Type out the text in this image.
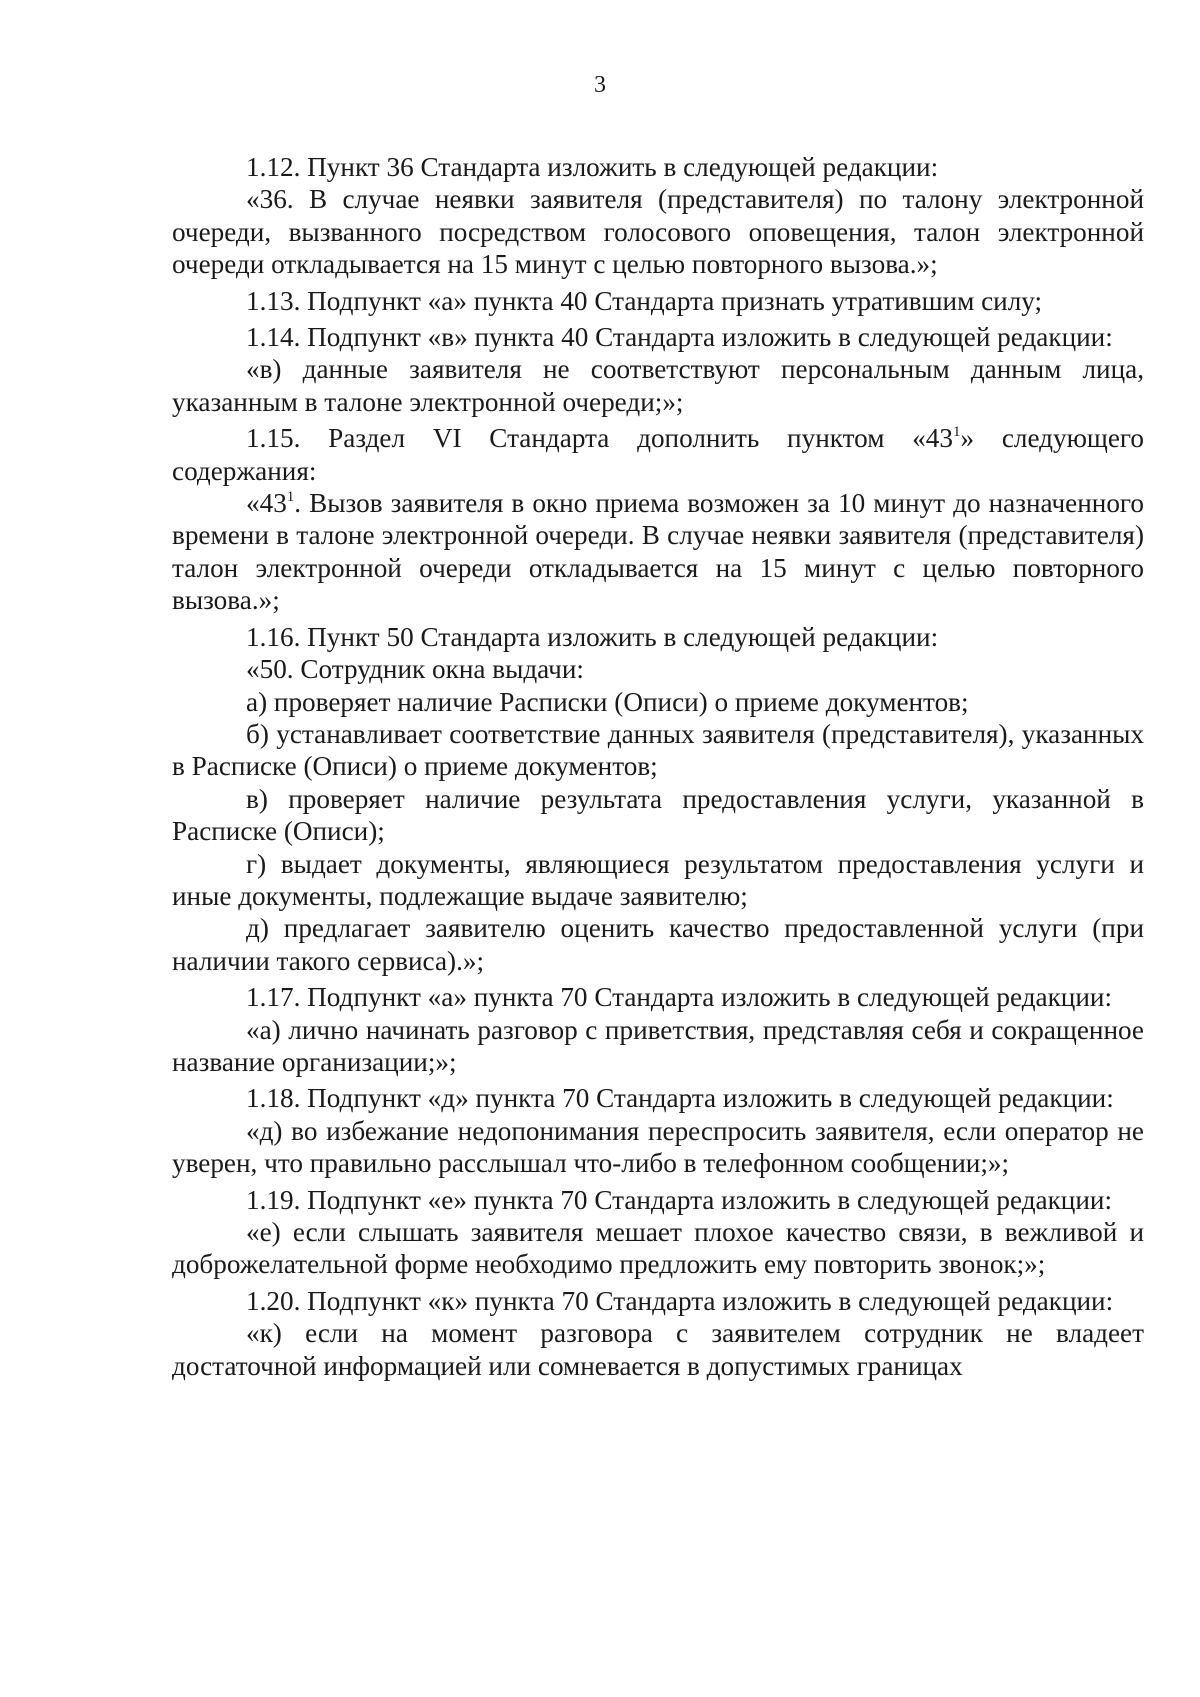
3

1.12. Пункт 36 Стандарта изложить в следующей редакции:

«36. В случае неявки заявителя (представителя) по талону электронной очереди, вызванного посредством голосового оповещения, талон электронной очереди откладывается на 15 минут с целью повторного вызова.»;

1.13. Подпункт «а» пункта 40 Стандарта признать утратившим силу;

1.14. Подпункт «в» пункта 40 Стандарта изложить в следующей редакции:

«в) данные заявителя не соответствуют персональным данным лица, указанным в талоне электронной очереди;»;

1.15. Раздел VI Стандарта дополнить пунктом «$43^1$» следующего содержания:

«$43^1$. Вызов заявителя в окно приема возможен за 10 минут до назначенного времени в талоне электронной очереди. В случае неявки заявителя (представителя) талон электронной очереди откладывается на 15 минут с целью повторного вызова.»;

1.16. Пункт 50 Стандарта изложить в следующей редакции:

«50. Сотрудник окна выдачи:

а) проверяет наличие Расписки (Описи) о приеме документов;

б) устанавливает соответствие данных заявителя (представителя), указанных в Расписке (Описи) о приеме документов;

в) проверяет наличие результата предоставления услуги, указанной в Расписке (Описи);

г) выдает документы, являющиеся результатом предоставления услуги и иные документы, подлежащие выдаче заявителю;

д) предлагает заявителю оценить качество предоставленной услуги (при наличии такого сервиса).»;

1.17. Подпункт «а» пункта 70 Стандарта изложить в следующей редакции:

«а) лично начинать разговор с приветствия, представляя себя и сокращенное название организации;»;

1.18. Подпункт «д» пункта 70 Стандарта изложить в следующей редакции:

«д) во избежание недопонимания переспросить заявителя, если оператор не уверен, что правильно расслышал что-либо в телефонном сообщении;»;

1.19. Подпункт «е» пункта 70 Стандарта изложить в следующей редакции:

«е) если слышать заявителя мешает плохое качество связи, в вежливой и доброжелательной форме необходимо предложить ему повторить звонок;»;

1.20. Подпункт «к» пункта 70 Стандарта изложить в следующей редакции:

«к) если на момент разговора с заявителем сотрудник не владеет достаточной информацией или сомневается в допустимых границах
